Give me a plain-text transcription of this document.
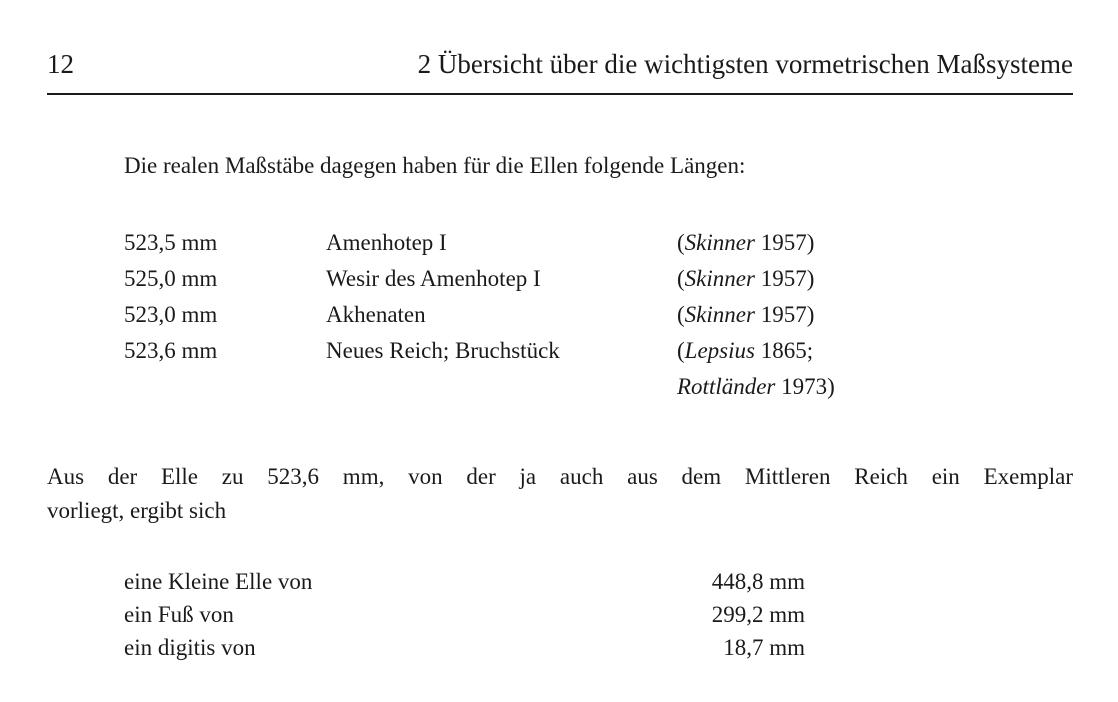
12	2 Übersicht über die wichtigsten vormetrischen Maßsysteme
Die realen Maßstäbe dagegen haben für die Ellen folgende Längen:
523,5 mm	Amenhotep I	(Skinner 1957)
525,0 mm	Wesir des Amenhotep I	(Skinner 1957)
523,0 mm	Akhenaten	(Skinner 1957)
523,6 mm	Neues Reich; Bruchstück	(Lepsius 1865;
Rottländer 1973)
Aus der Elle zu 523,6 mm, von der ja auch aus dem Mittleren Reich ein Exemplar
vorliegt, ergibt sich
eine Kleine Elle von	448,8 mm
ein Fuß von	299,2 mm
ein digitis von	18,7 mm
